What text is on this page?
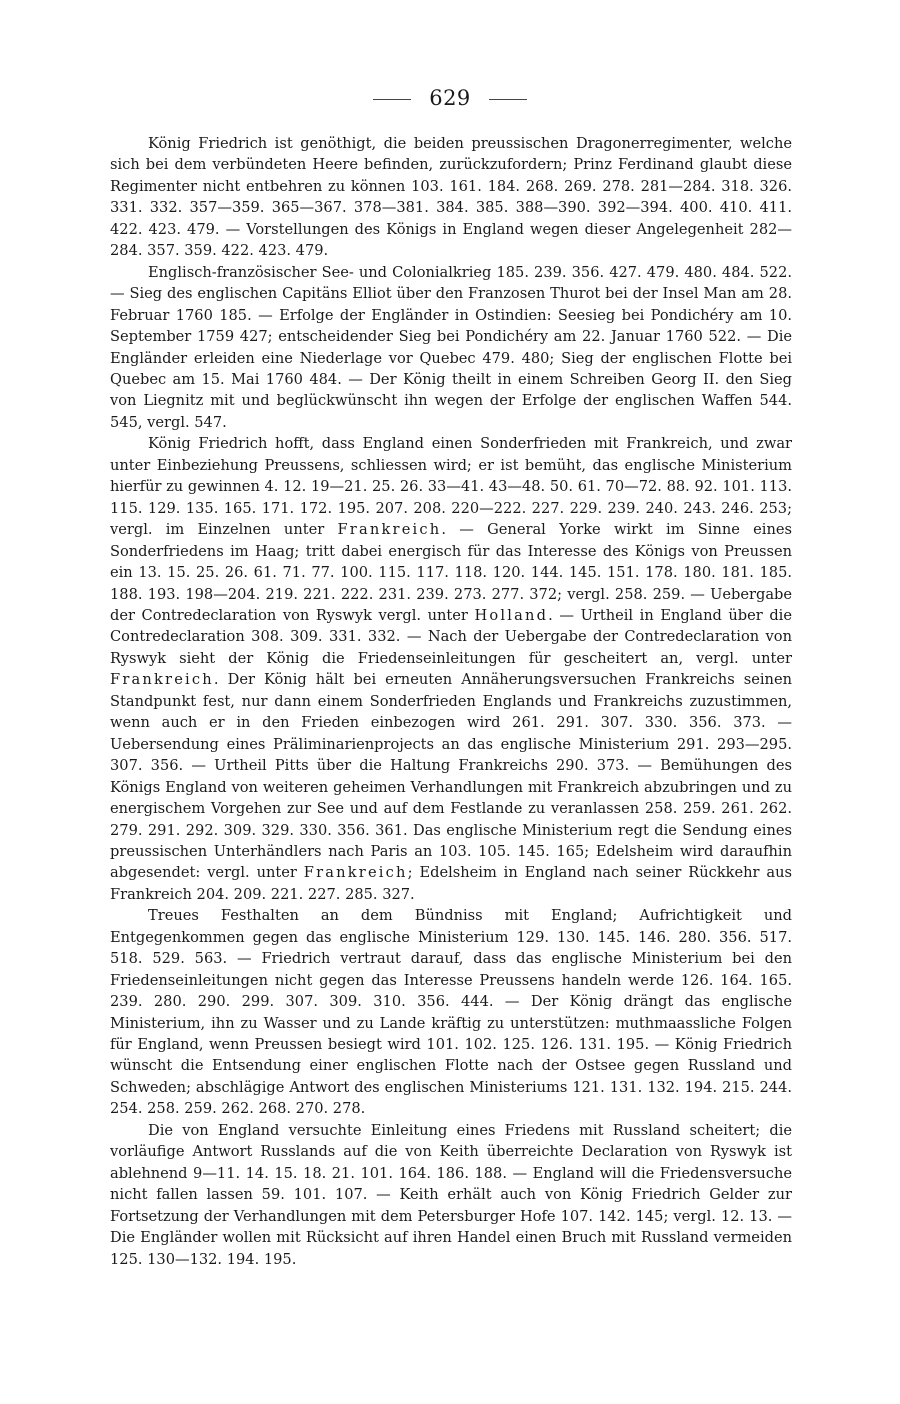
629

König Friedrich ist genöthigt, die beiden preussischen Dragonerregimenter, welche sich bei dem verbündeten Heere befinden, zurückzufordern; Prinz Ferdinand glaubt diese Regimenter nicht entbehren zu können 103. 161. 184. 268. 269. 278. 281—284. 318. 326. 331. 332. 357—359. 365—367. 378—381. 384. 385. 388—390. 392—394. 400. 410. 411. 422. 423. 479. — Vorstellungen des Königs in England wegen dieser Angelegenheit 282—284. 357. 359. 422. 423. 479.

Englisch-französischer See- und Colonialkrieg 185. 239. 356. 427. 479. 480. 484. 522. — Sieg des englischen Capitäns Elliot über den Franzosen Thurot bei der Insel Man am 28. Februar 1760 185. — Erfolge der Engländer in Ostindien: Seesieg bei Pondichéry am 10. September 1759 427; entscheidender Sieg bei Pondichéry am 22. Januar 1760 522. — Die Engländer erleiden eine Niederlage vor Quebec 479. 480; Sieg der englischen Flotte bei Quebec am 15. Mai 1760 484. — Der König theilt in einem Schreiben Georg II. den Sieg von Liegnitz mit und beglückwünscht ihn wegen der Erfolge der englischen Waffen 544. 545, vergl. 547.

König Friedrich hofft, dass England einen Sonderfrieden mit Frankreich, und zwar unter Einbeziehung Preussens, schliessen wird; er ist bemüht, das englische Ministerium hierfür zu gewinnen 4. 12. 19—21. 25. 26. 33—41. 43—48. 50. 61. 70—72. 88. 92. 101. 113. 115. 129. 135. 165. 171. 172. 195. 207. 208. 220—222. 227. 229. 239. 240. 243. 246. 253; vergl. im Einzelnen unter Frankreich. — General Yorke wirkt im Sinne eines Sonderfriedens im Haag; tritt dabei energisch für das Interesse des Königs von Preussen ein 13. 15. 25. 26. 61. 71. 77. 100. 115. 117. 118. 120. 144. 145. 151. 178. 180. 181. 185. 188. 193. 198—204. 219. 221. 222. 231. 239. 273. 277. 372; vergl. 258. 259. — Uebergabe der Contredeclaration von Ryswyk vergl. unter Holland. — Urtheil in England über die Contredeclaration 308. 309. 331. 332. — Nach der Uebergabe der Contredeclaration von Ryswyk sieht der König die Friedenseinleitungen für gescheitert an, vergl. unter Frankreich. Der König hält bei erneuten Annäherungsversuchen Frankreichs seinen Standpunkt fest, nur dann einem Sonderfrieden Englands und Frankreichs zuzustimmen, wenn auch er in den Frieden einbezogen wird 261. 291. 307. 330. 356. 373. — Uebersendung eines Präliminarienprojects an das englische Ministerium 291. 293—295. 307. 356. — Urtheil Pitts über die Haltung Frankreichs 290. 373. — Bemühungen des Königs England von weiteren geheimen Verhandlungen mit Frankreich abzubringen und zu energischem Vorgehen zur See und auf dem Festlande zu veranlassen 258. 259. 261. 262. 279. 291. 292. 309. 329. 330. 356. 361. Das englische Ministerium regt die Sendung eines preussischen Unterhändlers nach Paris an 103. 105. 145. 165; Edelsheim wird daraufhin abgesendet: vergl. unter Frankreich; Edelsheim in England nach seiner Rückkehr aus Frankreich 204. 209. 221. 227. 285. 327.

Treues Festhalten an dem Bündniss mit England; Aufrichtigkeit und Entgegenkommen gegen das englische Ministerium 129. 130. 145. 146. 280. 356. 517. 518. 529. 563. — Friedrich vertraut darauf, dass das englische Ministerium bei den Friedenseinleitungen nicht gegen das Interesse Preussens handeln werde 126. 164. 165. 239. 280. 290. 299. 307. 309. 310. 356. 444. — Der König drängt das englische Ministerium, ihn zu Wasser und zu Lande kräftig zu unterstützen: muthmaassliche Folgen für England, wenn Preussen besiegt wird 101. 102. 125. 126. 131. 195. — König Friedrich wünscht die Entsendung einer englischen Flotte nach der Ostsee gegen Russland und Schweden; abschlägige Antwort des englischen Ministeriums 121. 131. 132. 194. 215. 244. 254. 258. 259. 262. 268. 270. 278.

Die von England versuchte Einleitung eines Friedens mit Russland scheitert; die vorläufige Antwort Russlands auf die von Keith überreichte Declaration von Ryswyk ist ablehnend 9—11. 14. 15. 18. 21. 101. 164. 186. 188. — England will die Friedensversuche nicht fallen lassen 59. 101. 107. — Keith erhält auch von König Friedrich Gelder zur Fortsetzung der Verhandlungen mit dem Petersburger Hofe 107. 142. 145; vergl. 12. 13. — Die Engländer wollen mit Rücksicht auf ihren Handel einen Bruch mit Russland vermeiden 125. 130—132. 194. 195.
